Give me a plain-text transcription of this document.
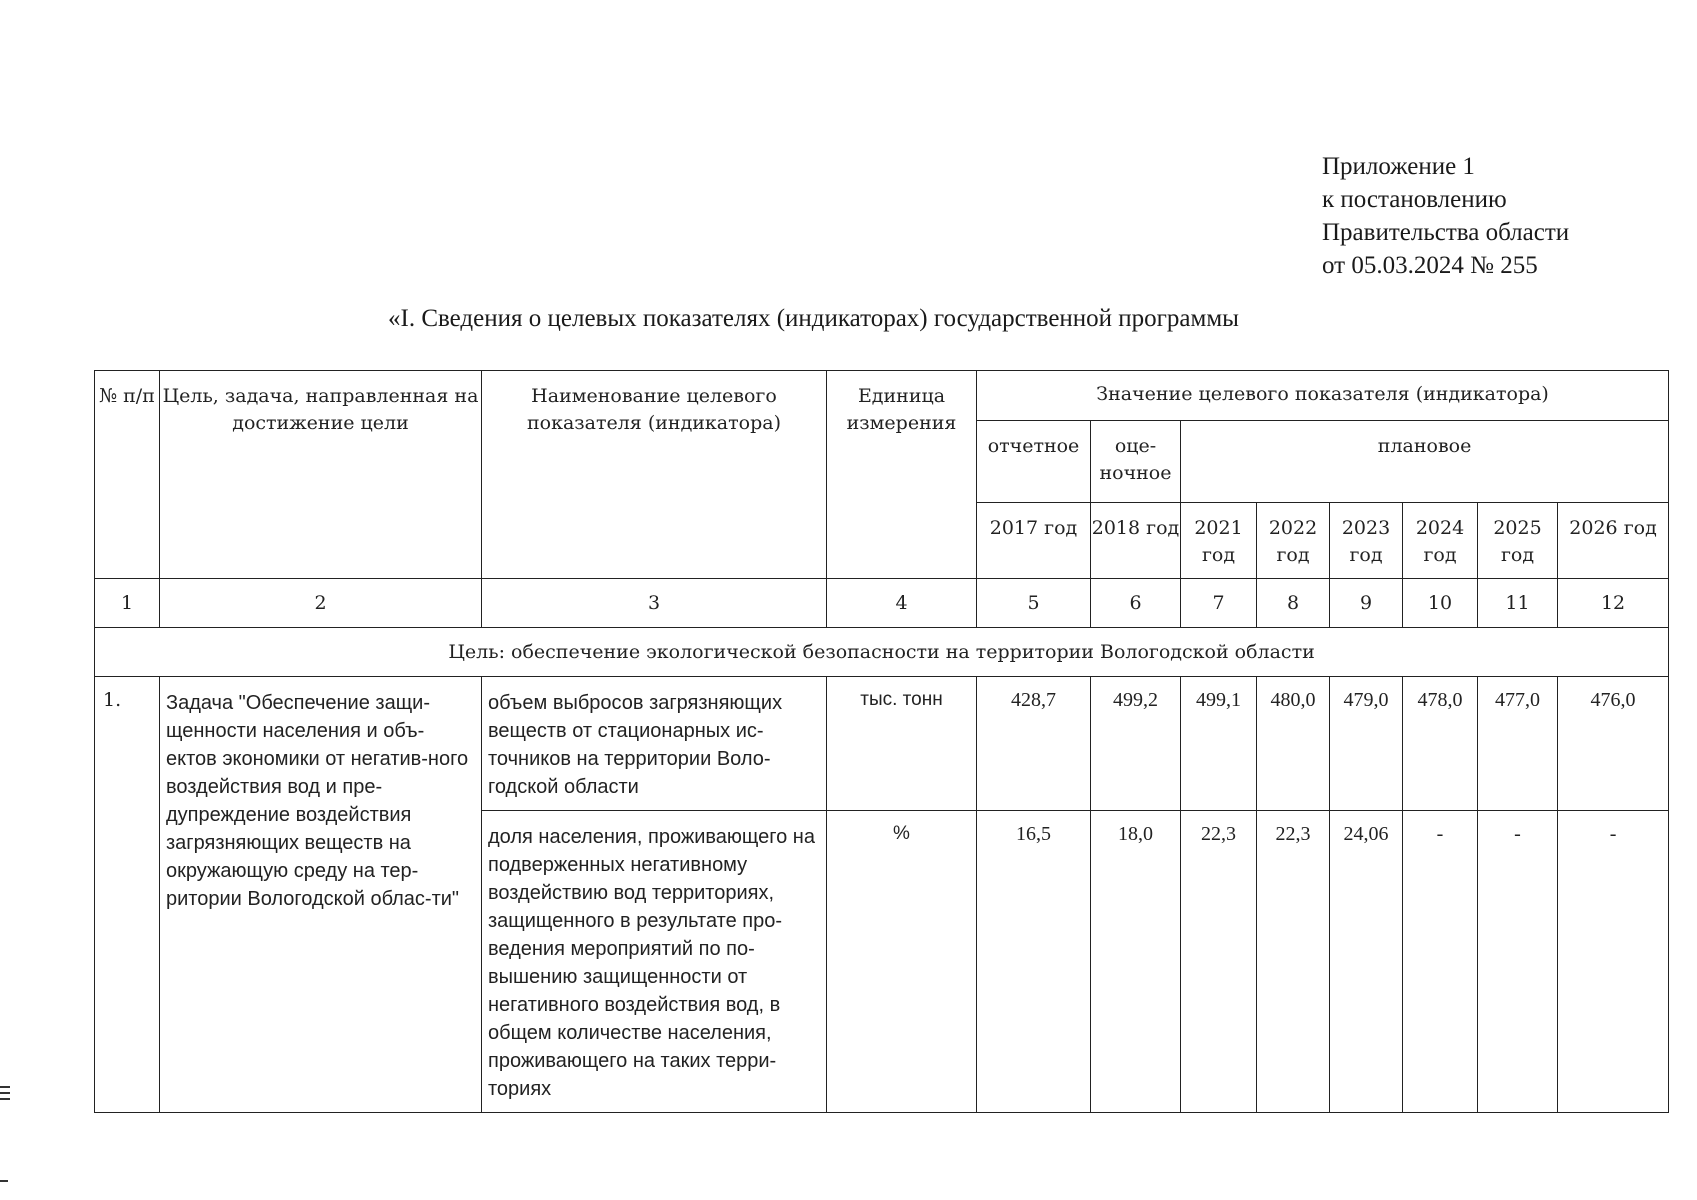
Приложение 1
к постановлению
Правительства области
от 05.03.2024 № 255
«I. Сведения о целевых показателях (индикаторах) государственной программы
№ п/п	Цель, задача, направленная на достижение цели	Наименование целевого показателя (индикатора)	Единица измерения	Значение целевого показателя (индикатора)							
				отчетное	оце-ночное	плановое					
				2017 год	2018 год	2021 год	2022 год	2023 год	2024 год	2025 год	2026 год
1	2	3	4	5	6	7	8	9	10	11	12
Цель: обеспечение экологической безопасности на территории Вологодской области											
1.	Задача "Обеспечение защи-щенности населения и объ-ектов экономики от негатив-ного воздействия вод и пре-дупреждение воздействия загрязняющих веществ на окружающую среду на тер-ритории Вологодской облас-ти"	объем выбросов загрязняющих веществ от стационарных ис-точников на территории Воло-годской области	тыс. тонн	428,7	499,2	499,1	480,0	479,0	478,0	477,0	476,0
		доля населения, проживающего на подверженных негативному воздействию вод территориях, защищенного в результате про-ведения мероприятий по по-вышению защищенности от негативного воздействия вод, в общем количестве населения, проживающего на таких терри-ториях	%	16,5	18,0	22,3	22,3	24,06	-	-	-
